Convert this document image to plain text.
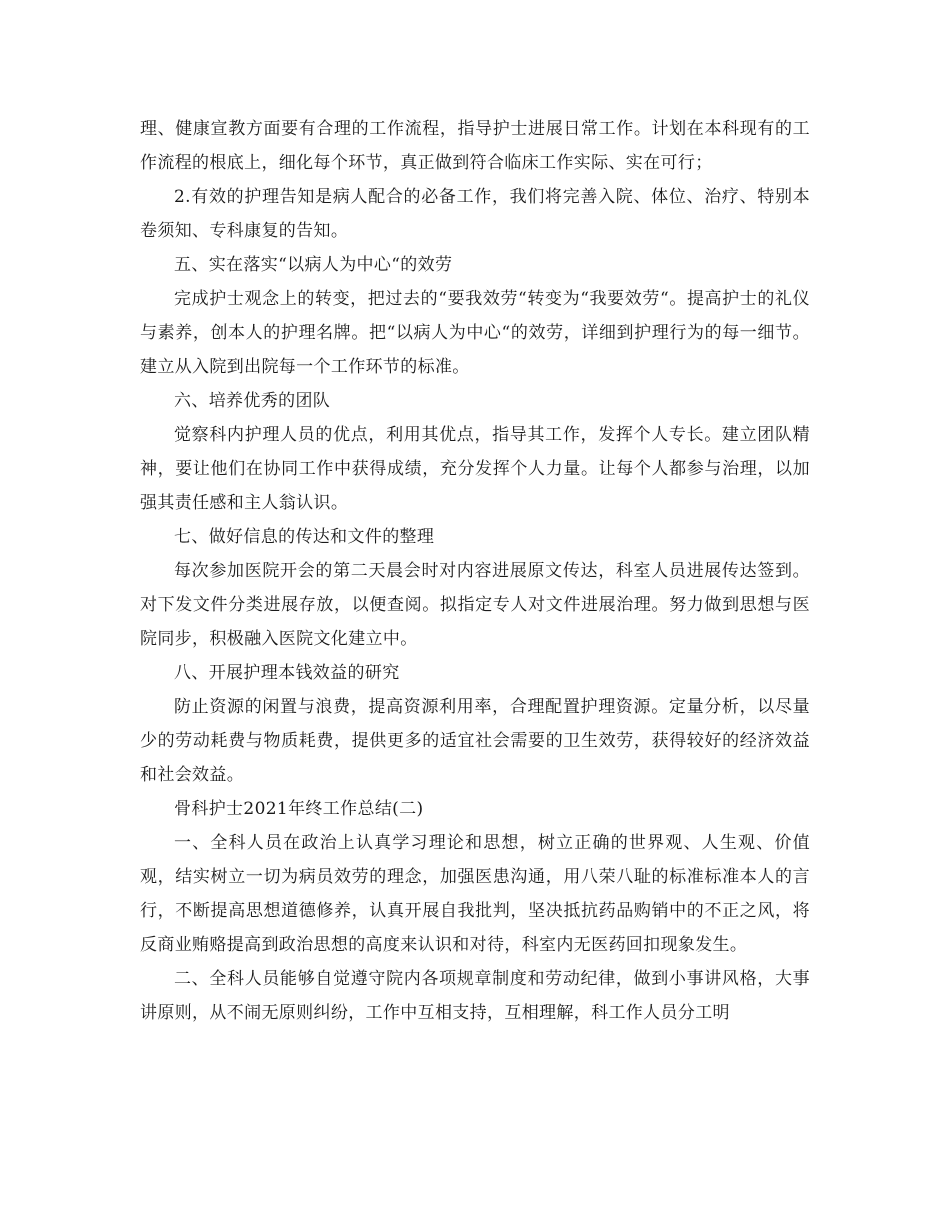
理、健康宣教方面要有合理的工作流程，指导护士进展日常工作。计划在本科现有的工作流程的根底上，细化每个环节，真正做到符合临床工作实际、实在可行；

2.有效的护理告知是病人配合的必备工作，我们将完善入院、体位、治疗、特别本卷须知、专科康复的告知。

五、实在落实“以病人为中心“的效劳

完成护士观念上的转变，把过去的“要我效劳“转变为“我要效劳“。提高护士的礼仪与素养，创本人的护理名牌。把“以病人为中心“的效劳，详细到护理行为的每一细节。建立从入院到出院每一个工作环节的标准。

六、培养优秀的团队

觉察科内护理人员的优点，利用其优点，指导其工作，发挥个人专长。建立团队精神，要让他们在协同工作中获得成绩，充分发挥个人力量。让每个人都参与治理，以加强其责任感和主人翁认识。

七、做好信息的传达和文件的整理

每次参加医院开会的第二天晨会时对内容进展原文传达，科室人员进展传达签到。对下发文件分类进展存放，以便查阅。拟指定专人对文件进展治理。努力做到思想与医院同步，积极融入医院文化建立中。

八、开展护理本钱效益的研究

防止资源的闲置与浪费，提高资源利用率，合理配置护理资源。定量分析，以尽量少的劳动耗费与物质耗费，提供更多的适宜社会需要的卫生效劳，获得较好的经济效益和社会效益。

骨科护士2021年终工作总结(二)

一、全科人员在政治上认真学习理论和思想，树立正确的世界观、人生观、价值观，结实树立一切为病员效劳的理念，加强医患沟通，用八荣八耻的标准标准本人的言行，不断提高思想道德修养，认真开展自我批判，坚决抵抗药品购销中的不正之风，将反商业贿赂提高到政治思想的高度来认识和对待，科室内无医药回扣现象发生。

二、全科人员能够自觉遵守院内各项规章制度和劳动纪律，做到小事讲风格，大事讲原则，从不闹无原则纠纷，工作中互相支持，互相理解，科工作人员分工明
